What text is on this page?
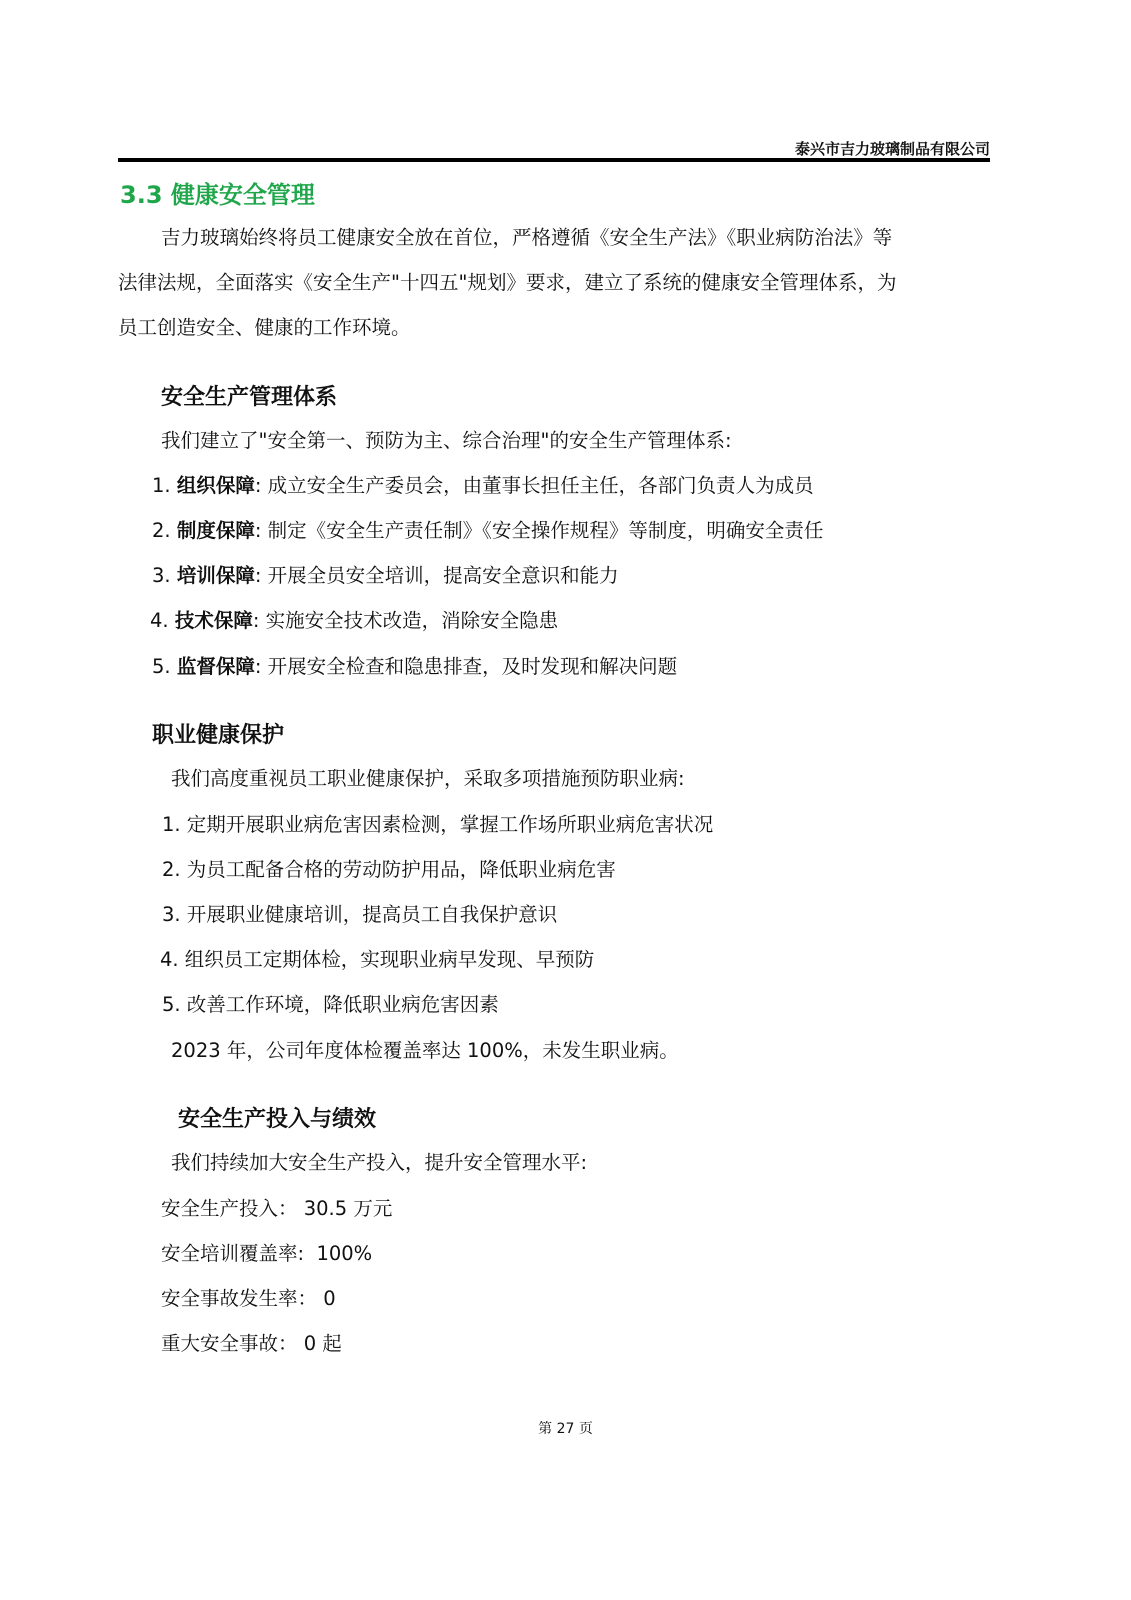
泰兴市吉力玻璃制品有限公司
3.3 健康安全管理
吉力玻璃始终将员工健康安全放在首位，严格遵循《安全生产法》《职业病防治法》等
法律法规，全面落实《安全生产"十四五"规划》要求，建立了系统的健康安全管理体系，为
员工创造安全、健康的工作环境。
安全生产管理体系
我们建立了"安全第一、预防为主、综合治理"的安全生产管理体系:
1. 组织保障: 成立安全生产委员会，由董事长担任主任，各部门负责人为成员
2. 制度保障: 制定《安全生产责任制》《安全操作规程》等制度，明确安全责任
3. 培训保障: 开展全员安全培训，提高安全意识和能力
4. 技术保障: 实施安全技术改造，消除安全隐患
5. 监督保障: 开展安全检查和隐患排查，及时发现和解决问题
职业健康保护
我们高度重视员工职业健康保护，采取多项措施预防职业病:
1. 定期开展职业病危害因素检测，掌握工作场所职业病危害状况
2. 为员工配备合格的劳动防护用品，降低职业病危害
3. 开展职业健康培训，提高员工自我保护意识
4. 组织员工定期体检，实现职业病早发现、早预防
5. 改善工作环境，降低职业病危害因素
2023 年，公司年度体检覆盖率达 100%，未发生职业病。
安全生产投入与绩效
我们持续加大安全生产投入，提升安全管理水平:
安全生产投入： 30.5 万元
安全培训覆盖率:  100%
安全事故发生率： 0
重大安全事故： 0 起
第 27 页
